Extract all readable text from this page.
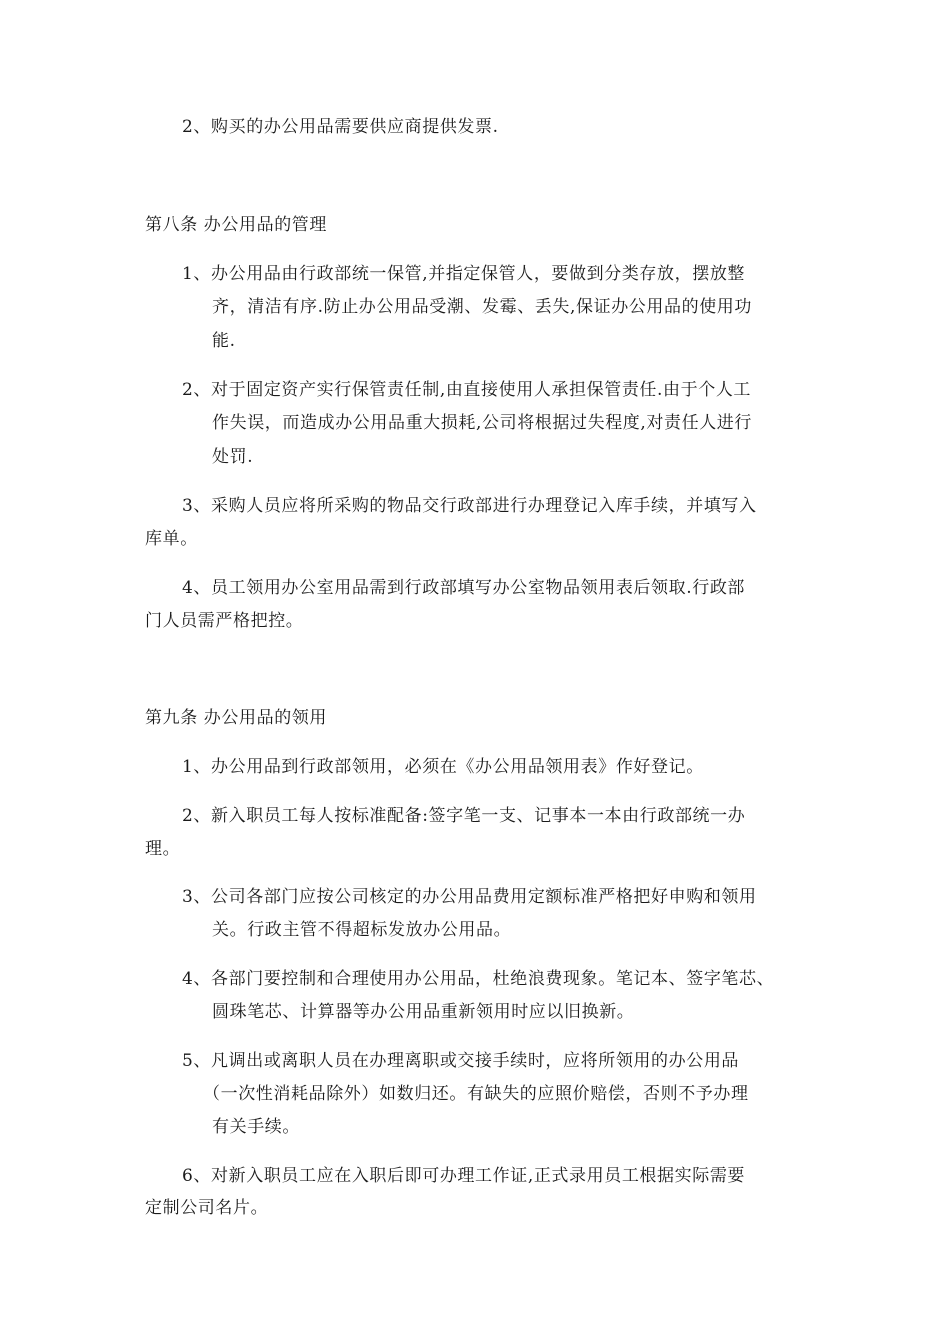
2、购买的办公用品需要供应商提供发票.
第八条 办公用品的管理
1、办公用品由行政部统一保管,并指定保管人，要做到分类存放，摆放整
齐，清洁有序.防止办公用品受潮、发霉、丢失,保证办公用品的使用功
能.
2、对于固定资产实行保管责任制,由直接使用人承担保管责任.由于个人工
作失误，而造成办公用品重大损耗,公司将根据过失程度,对责任人进行
处罚.
3、采购人员应将所采购的物品交行政部进行办理登记入库手续，并填写入
库单。
4、员工领用办公室用品需到行政部填写办公室物品领用表后领取.行政部
门人员需严格把控。
第九条 办公用品的领用
1、办公用品到行政部领用，必须在《办公用品领用表》作好登记。
2、新入职员工每人按标准配备:签字笔一支、记事本一本由行政部统一办
理。
3、公司各部门应按公司核定的办公用品费用定额标准严格把好申购和领用
关。行政主管不得超标发放办公用品。
4、各部门要控制和合理使用办公用品，杜绝浪费现象。笔记本、签字笔芯、
圆珠笔芯、计算器等办公用品重新领用时应以旧换新。
5、凡调出或离职人员在办理离职或交接手续时，应将所领用的办公用品
（一次性消耗品除外）如数归还。有缺失的应照价赔偿，否则不予办理
有关手续。
6、对新入职员工应在入职后即可办理工作证,正式录用员工根据实际需要
定制公司名片。
